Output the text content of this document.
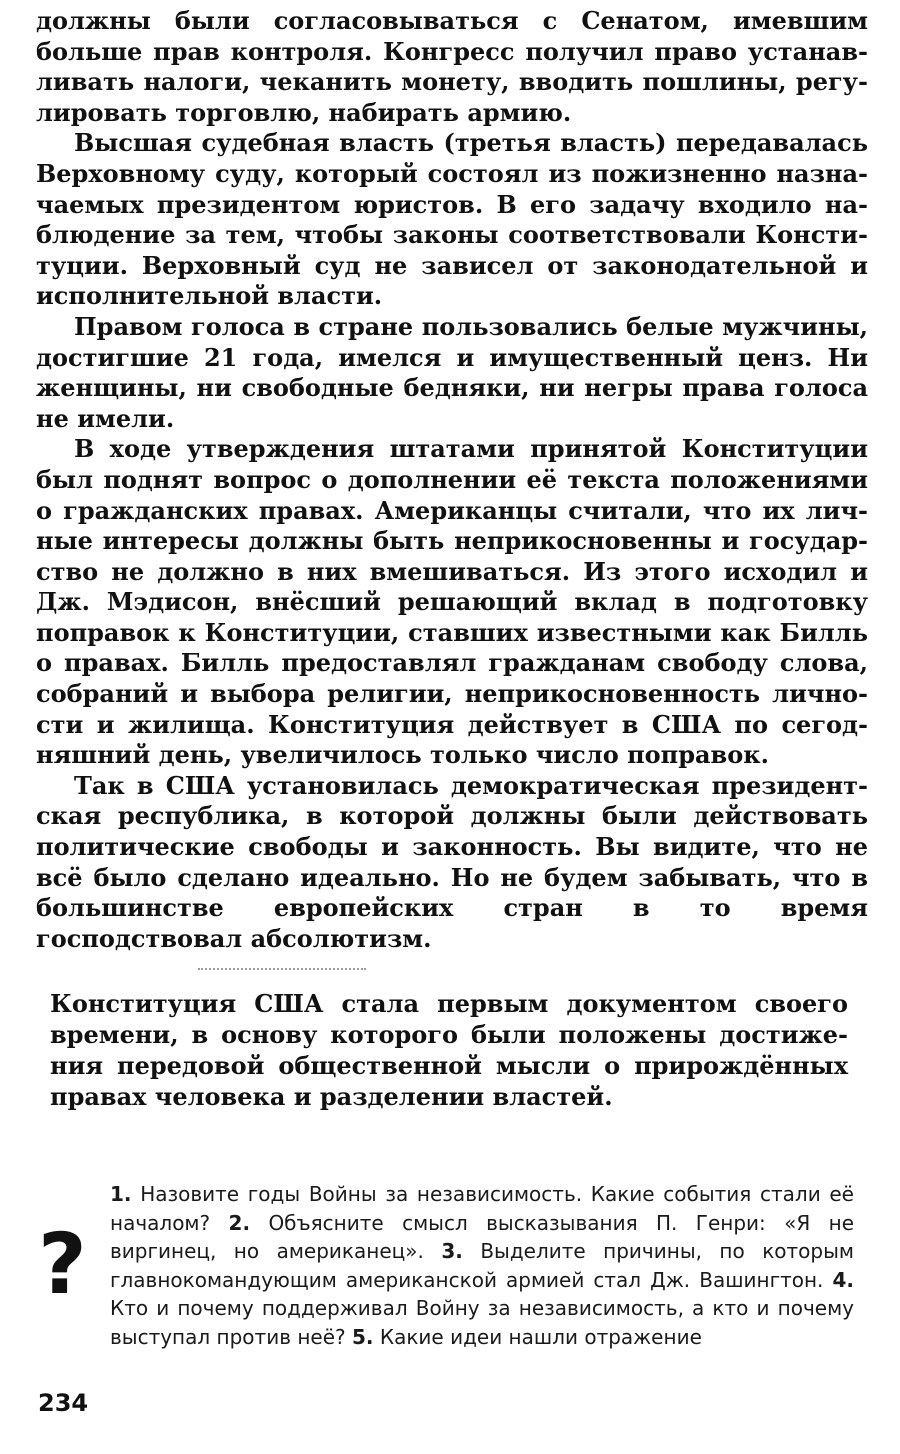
должны были согласовываться с Сенатом, имевшим больше прав контроля. Конгресс получил право устанавливать налоги, чеканить монету, вводить пошлины, регулировать торговлю, набирать армию.

Высшая судебная власть (третья власть) передавалась Верховному суду, который состоял из пожизненно назначаемых президентом юристов. В его задачу входило наблюдение за тем, чтобы законы соответствовали Конституции. Верховный суд не зависел от законодательной и исполнительной власти.

Правом голоса в стране пользовались белые мужчины, достигшие 21 года, имелся и имущественный ценз. Ни женщины, ни свободные бедняки, ни негры права голоса не имели.

В ходе утверждения штатами принятой Конституции был поднят вопрос о дополнении её текста положениями о гражданских правах. Американцы считали, что их личные интересы должны быть неприкосновенны и государство не должно в них вмешиваться. Из этого исходил и Дж. Мэдисон, внёсший решающий вклад в подготовку поправок к Конституции, ставших известными как Билль о правах. Билль предоставлял гражданам свободу слова, собраний и выбора религии, неприкосновенность личности и жилища. Конституция действует в США по сегодняшний день, увеличилось только число поправок.

Так в США установилась демократическая президентская республика, в которой должны были действовать политические свободы и законность. Вы видите, что не всё было сделано идеально. Но не будем забывать, что в большинстве европейских стран в то время господствовал абсолютизм.

Конституция США стала первым документом своего времени, в основу которого были положены достижения передовой общественной мысли о прирождённых правах человека и разделении властей.

?

1. Назовите годы Войны за независимость. Какие события стали её началом? 2. Объясните смысл высказывания П. Генри: «Я не виргинец, но американец». 3. Выделите причины, по которым главнокомандующим американской армией стал Дж. Вашингтон. 4. Кто и почему поддерживал Войну за независимость, а кто и почему выступал против неё? 5. Какие идеи нашли отражение

234
